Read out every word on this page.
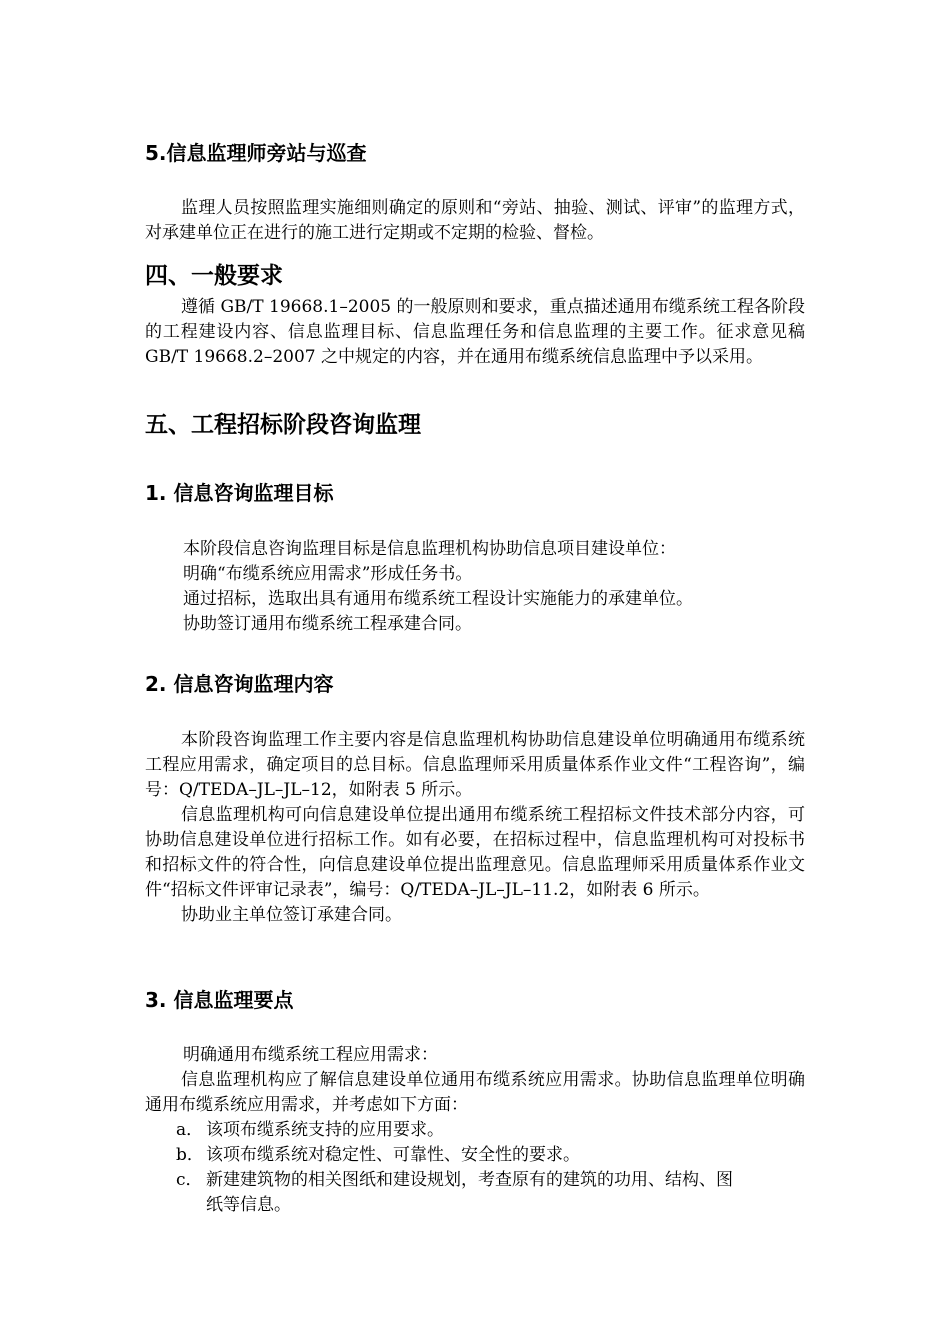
5.信息监理师旁站与巡查

监理人员按照监理实施细则确定的原则和“旁站、抽验、测试、评审”的监理方式，对承建单位正在进行的施工进行定期或不定期的检验、督检。

四、一般要求

遵循 GB/T 19668.1–2005 的一般原则和要求，重点描述通用布缆系统工程各阶段的工程建设内容、信息监理目标、信息监理任务和信息监理的主要工作。征求意见稿 GB/T 19668.2–2007 之中规定的内容，并在通用布缆系统信息监理中予以采用。

五、工程招标阶段咨询监理
1. 信息咨询监理目标
本阶段信息咨询监理目标是信息监理机构协助信息项目建设单位：
明确“布缆系统应用需求”形成任务书。
通过招标，选取出具有通用布缆系统工程设计实施能力的承建单位。
协助签订通用布缆系统工程承建合同。
2. 信息咨询监理内容

本阶段咨询监理工作主要内容是信息监理机构协助信息建设单位明确通用布缆系统工程应用需求，确定项目的总目标。信息监理师采用质量体系作业文件“工程咨询”，编号：Q/TEDA–JL–JL–12，如附表 5 所示。

信息监理机构可向信息建设单位提出通用布缆系统工程招标文件技术部分内容，可协助信息建设单位进行招标工作。如有必要，在招标过程中，信息监理机构可对投标书和招标文件的符合性，向信息建设单位提出监理意见。信息监理师采用质量体系作业文件“招标文件评审记录表”，编号：Q/TEDA–JL–JL–11.2，如附表 6 所示。

协助业主单位签订承建合同。

3. 信息监理要点
明确通用布缆系统工程应用需求：

信息监理机构应了解信息建设单位通用布缆系统应用需求。协助信息监理单位明确通用布缆系统应用需求，并考虑如下方面：

a． 该项布缆系统支持的应用要求。
b． 该项布缆系统对稳定性、可靠性、安全性的要求。
c． 新建建筑物的相关图纸和建设规划，考查原有的建筑的功用、结构、图
纸等信息。
